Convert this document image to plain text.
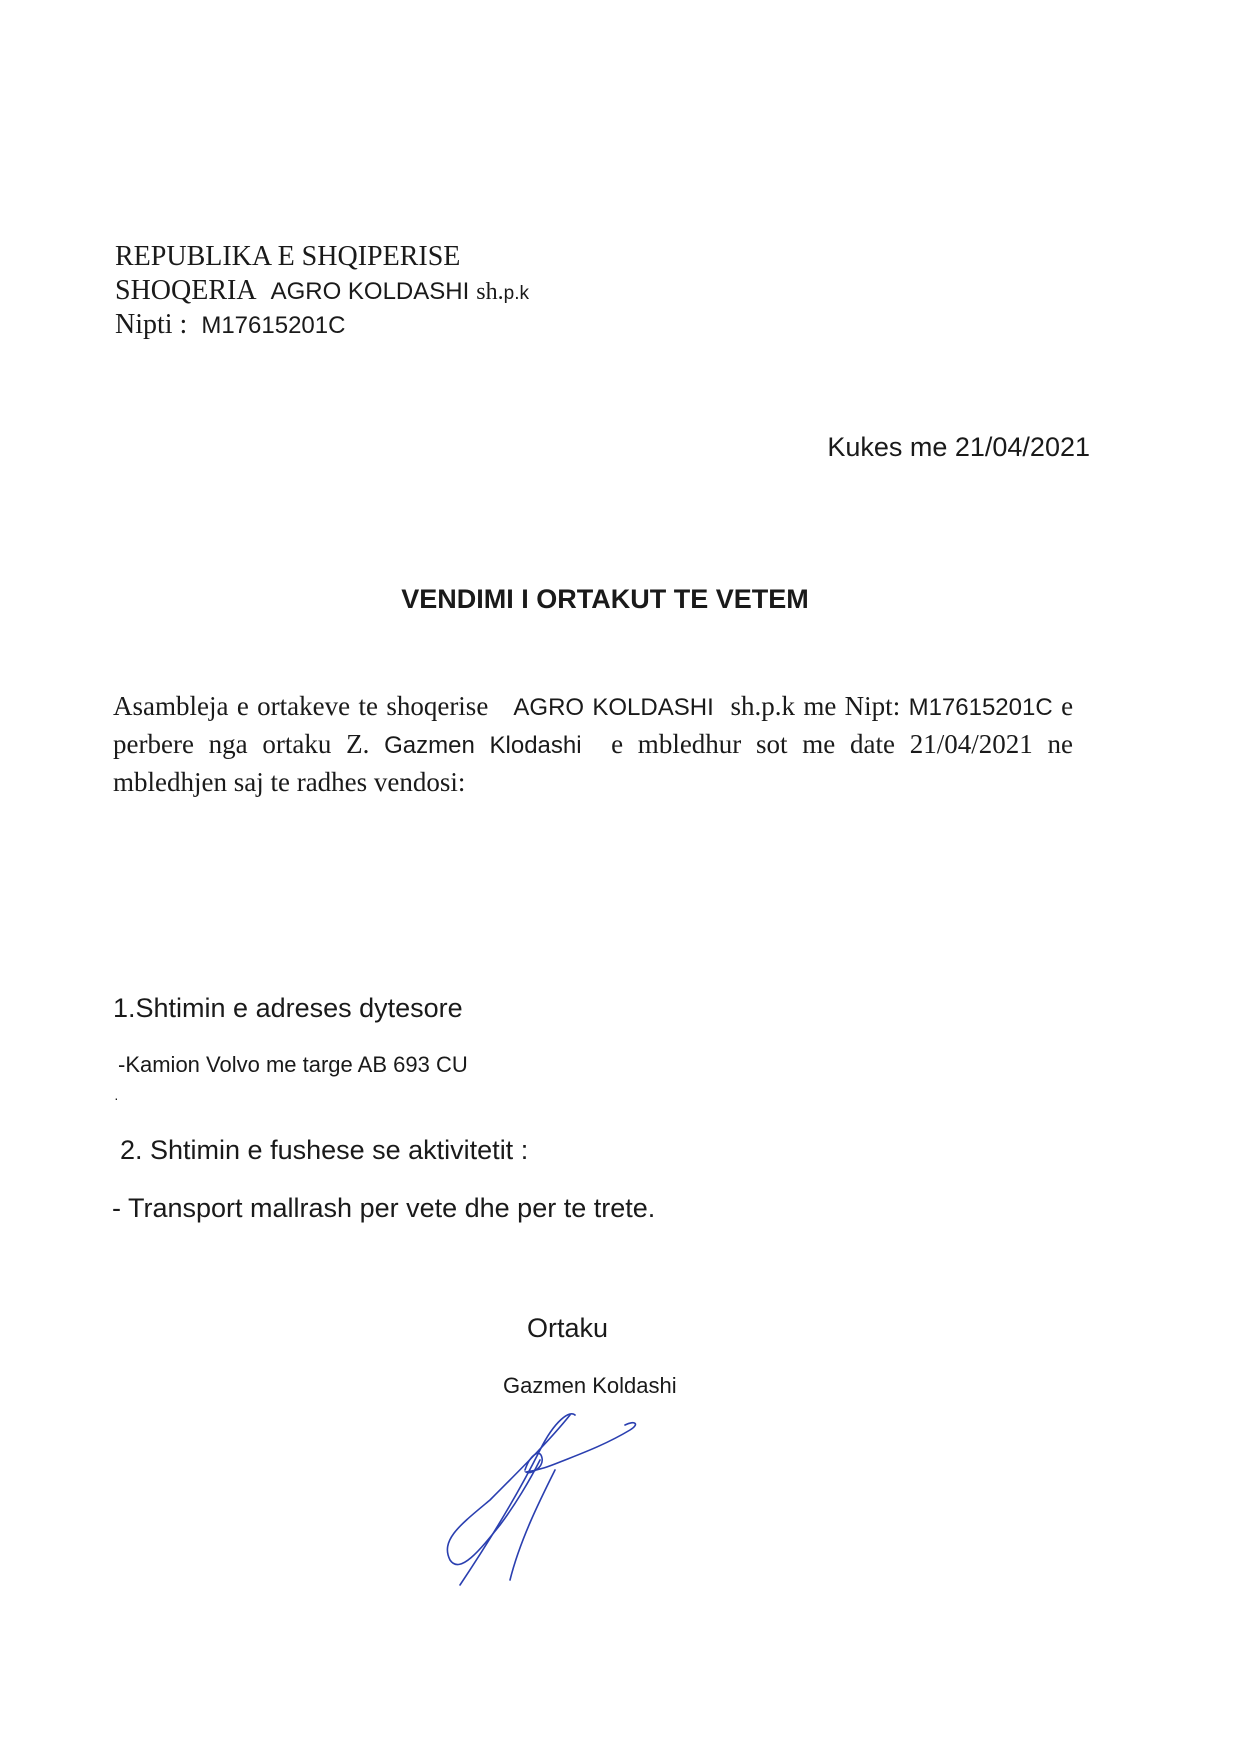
REPUBLIKA E SHQIPERISE
SHOQERIA AGRO KOLDASHI sh.p.k
Nipti : M17615201C
Kukes me 21/04/2021
VENDIMI I ORTAKUT TE VETEM
Asambleja e ortakeve te shoqerise AGRO KOLDASHI sh.p.k me Nipt: M17615201C e perbere nga ortaku Z. Gazmen Klodashi e mbledhur sot me date 21/04/2021 ne mbledhjen saj te radhes vendosi:
1.Shtimin e adreses dytesore
-Kamion Volvo me targe AB 693 CU
·
2. Shtimin e fushese se aktivitetit :
- Transport mallrash per vete dhe per te trete.
Ortaku
Gazmen Koldashi
